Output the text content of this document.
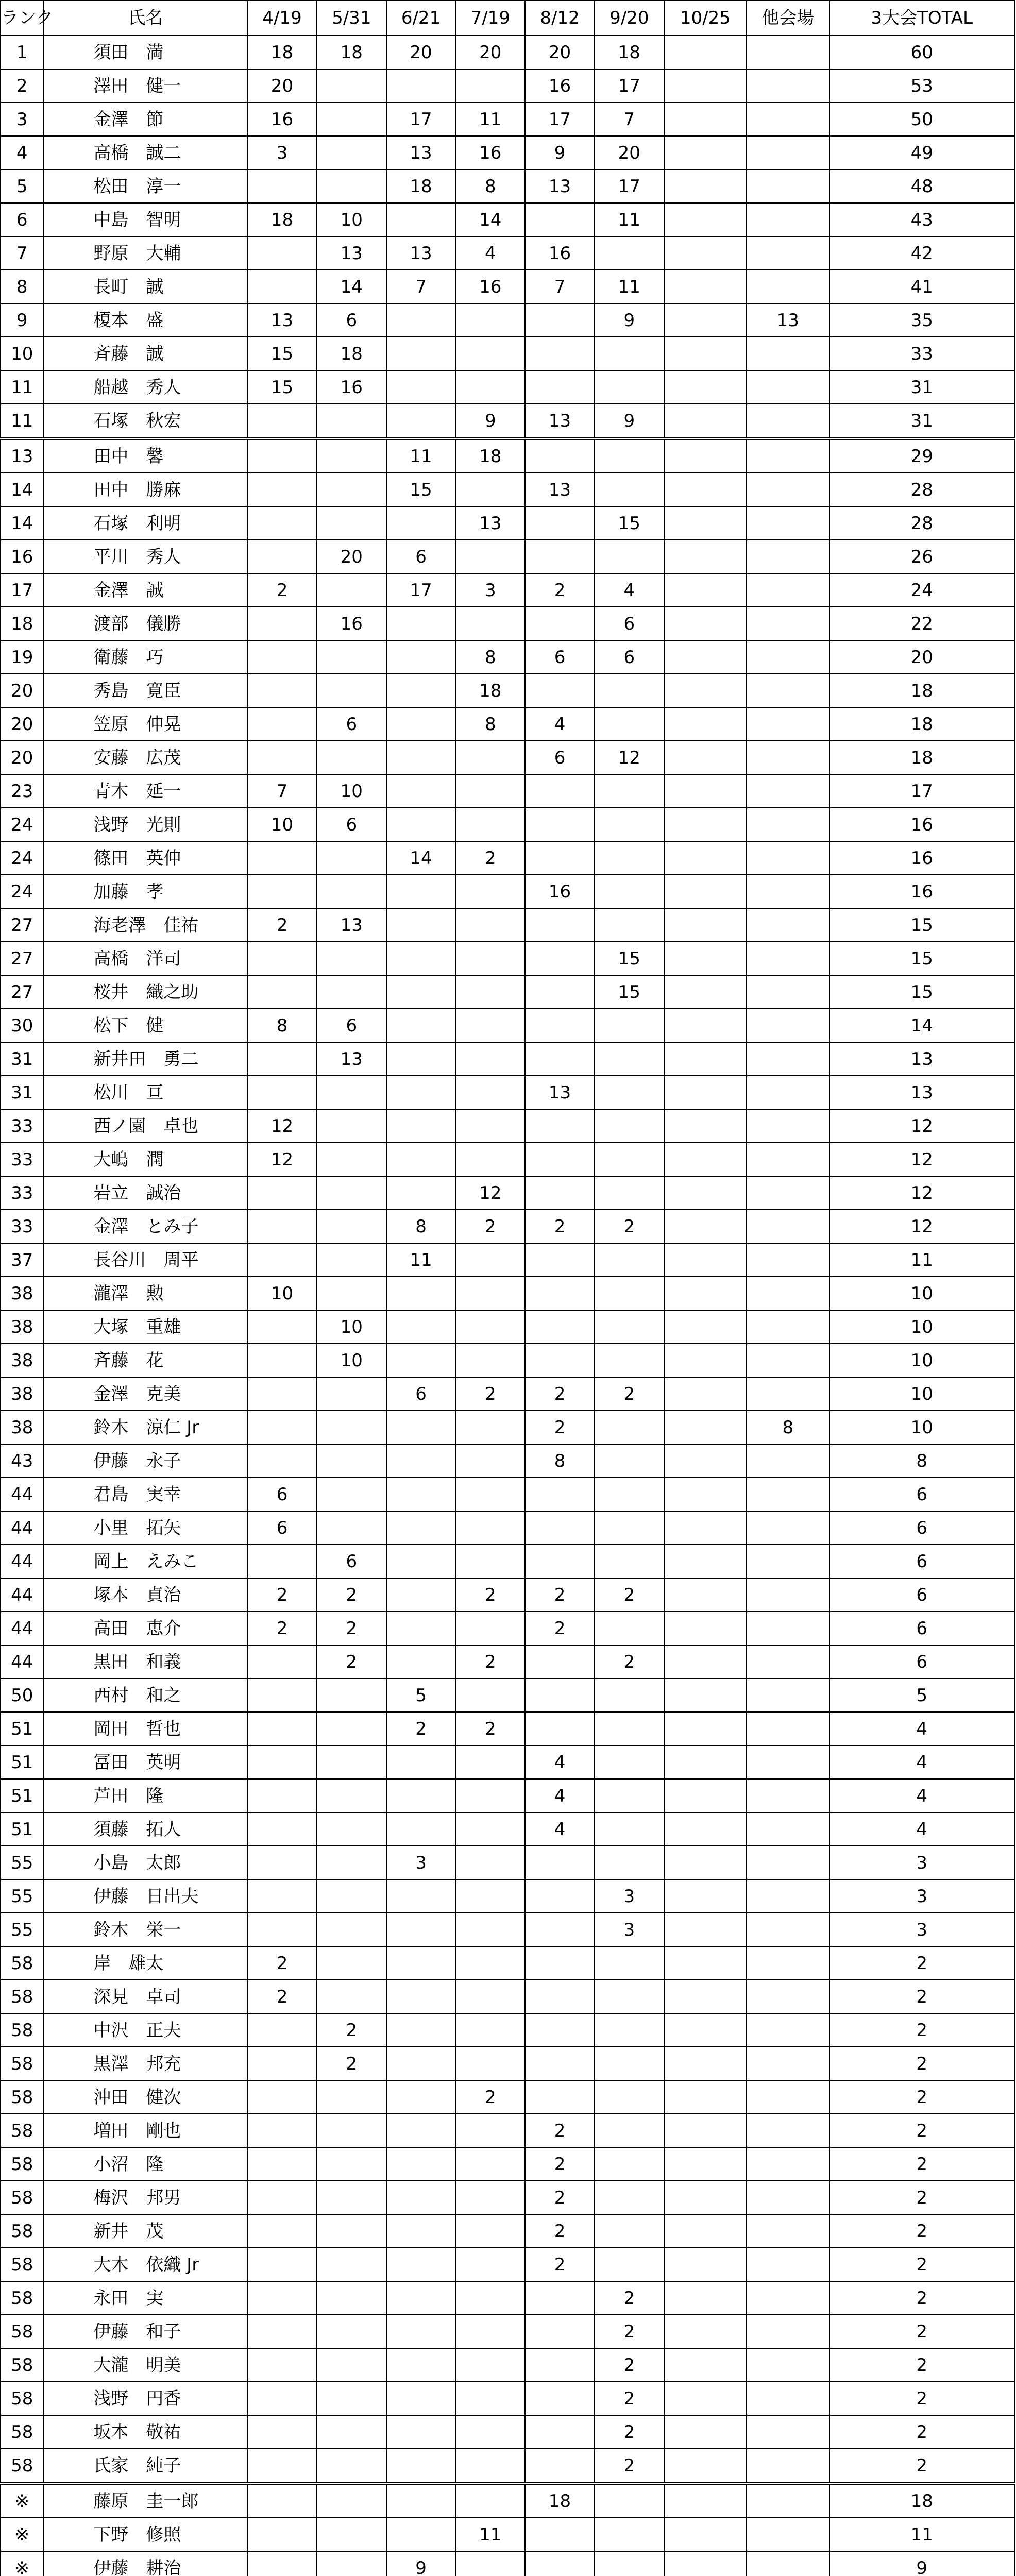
ランク	氏名	4/19	5/31	6/21	7/19	8/12	9/20	10/25	他会場	3大会TOTAL
1	須田　満	18	18	20	20	20	18			60
2	澤田　健一	20				16	17			53
3	金澤　節	16		17	11	17	7			50
4	高橋　誠二	3		13	16	9	20			49
5	松田　淳一			18	8	13	17			48
6	中島　智明	18	10		14		11			43
7	野原　大輔		13	13	4	16				42
8	長町　誠		14	7	16	7	11			41
9	榎本　盛	13	6				9		13	35
10	斉藤　誠	15	18							33
11	船越　秀人	15	16							31
11	石塚　秋宏				9	13	9			31
13	田中　馨			11	18					29
14	田中　勝麻			15		13				28
14	石塚　利明				13		15			28
16	平川　秀人		20	6						26
17	金澤　誠	2		17	3	2	4			24
18	渡部　儀勝		16				6			22
19	衛藤　巧				8	6	6			20
20	秀島　寛臣				18					18
20	笠原　伸晃		6		8	4				18
20	安藤　広茂					6	12			18
23	青木　延一	7	10							17
24	浅野　光則	10	6							16
24	篠田　英伸			14	2					16
24	加藤　孝					16				16
27	海老澤　佳祐	2	13							15
27	高橋　洋司						15			15
27	桜井　織之助						15			15
30	松下　健	8	6							14
31	新井田　勇二		13							13
31	松川　亘					13				13
33	西ノ園　卓也	12								12
33	大嶋　潤	12								12
33	岩立　誠治				12					12
33	金澤　とみ子			8	2	2	2			12
37	長谷川　周平			11						11
38	瀧澤　勲	10								10
38	大塚　重雄		10							10
38	斉藤　花		10							10
38	金澤　克美			6	2	2	2			10
38	鈴木　涼仁 Jr					2			8	10
43	伊藤　永子					8				8
44	君島　実幸	6								6
44	小里　拓矢	6								6
44	岡上　えみこ		6							6
44	塚本　貞治	2	2		2	2	2			6
44	高田　恵介	2	2			2				6
44	黒田　和義		2		2		2			6
50	西村　和之			5						5
51	岡田　哲也			2	2					4
51	冨田　英明					4				4
51	芦田　隆					4				4
51	須藤　拓人					4				4
55	小島　太郎			3						3
55	伊藤　日出夫						3			3
55	鈴木　栄一						3			3
58	岸　雄太	2								2
58	深見　卓司	2								2
58	中沢　正夫		2							2
58	黒澤　邦充		2							2
58	沖田　健次				2					2
58	増田　剛也					2				2
58	小沼　隆					2				2
58	梅沢　邦男					2				2
58	新井　茂					2				2
58	大木　依織 Jr					2				2
58	永田　実						2			2
58	伊藤　和子						2			2
58	大瀧　明美						2			2
58	浅野　円香						2			2
58	坂本　敬祐						2			2
58	氏家　純子						2			2
※	藤原　圭一郎					18				18
※	下野　修照				11					11
※	伊藤　耕治			9						9
